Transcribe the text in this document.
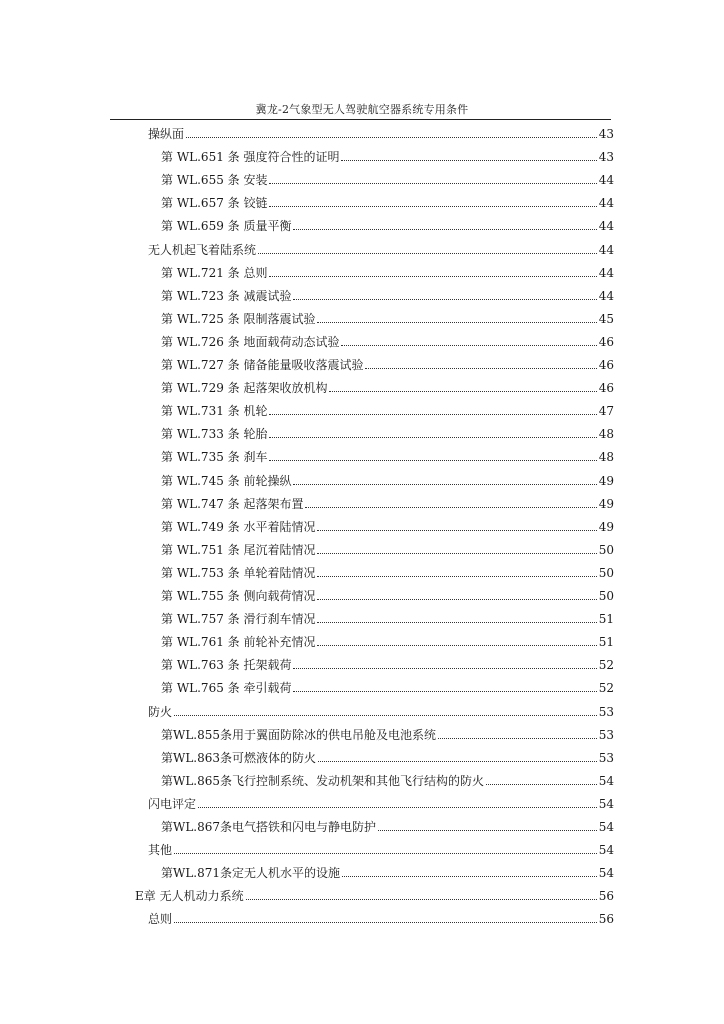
冀龙-2气象型无人驾驶航空器系统专用条件
操纵面	43
第 WL.651 条 强度符合性的证明	43
第 WL.655 条 安装	44
第 WL.657 条 铰链	44
第 WL.659 条 质量平衡	44
无人机起飞着陆系统	44
第 WL.721 条 总则	44
第 WL.723 条 减震试验	44
第 WL.725 条 限制落震试验	45
第 WL.726 条 地面载荷动态试验	46
第 WL.727 条 储备能量吸收落震试验	46
第 WL.729 条 起落架收放机构	46
第 WL.731 条 机轮	47
第 WL.733 条 轮胎	48
第 WL.735 条 刹车	48
第 WL.745 条 前轮操纵	49
第 WL.747 条 起落架布置	49
第 WL.749 条 水平着陆情况	49
第 WL.751 条 尾沉着陆情况	50
第 WL.753 条 单轮着陆情况	50
第 WL.755 条 侧向载荷情况	50
第 WL.757 条 滑行刹车情况	51
第 WL.761 条 前轮补充情况	51
第 WL.763 条 托架载荷	52
第 WL.765 条 牵引载荷	52
防火	53
第WL.855条用于翼面防除冰的供电吊舱及电池系统	53
第WL.863条可燃液体的防火	53
第WL.865条飞行控制系统、发动机架和其他飞行结构的防火	54
闪电评定	54
第WL.867条电气搭铁和闪电与静电防护	54
其他	54
第WL.871条定无人机水平的设施	54
E章 无人机动力系统	56
总则	56
